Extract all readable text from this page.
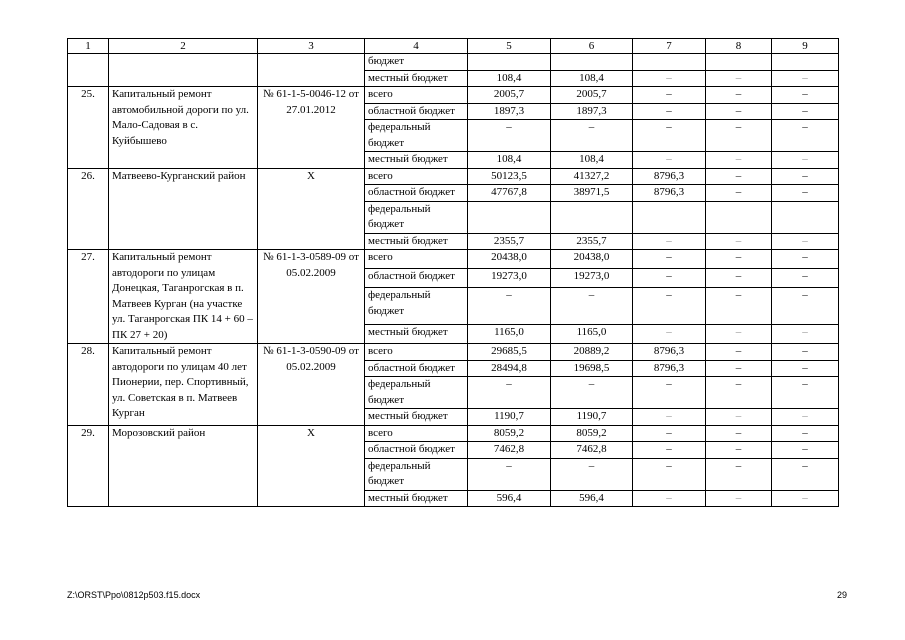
1	2	3	4	5	6	7	8	9
			бюджет					
			местный бюджет	108,4	108,4	–	–	–
25.	Капитальный ремонт автомобильной дороги по ул. Мало-Садовая в с. Куйбышево	№ 61-1-5-0046-12 от 27.01.2012	всего	2005,7	2005,7	–	–	–
			областной бюджет	1897,3	1897,3	–	–	–
			федеральный бюджет	–	–	–	–	–
			местный бюджет	108,4	108,4	–	–	–
26.	Матвеево-Курганский район	X	всего	50123,5	41327,2	8796,3	–	–
			областной бюджет	47767,8	38971,5	8796,3	–	–
			федеральный бюджет					
			местный бюджет	2355,7	2355,7	–	–	–
27.	Капитальный ремонт автодороги по улицам Донецкая, Таганрогская в п. Матвеев Курган (на участке ул. Таганрогская ПК 14 + 60 – ПК 27 + 20)	№ 61-1-3-0589-09 от 05.02.2009	всего	20438,0	20438,0	–	–	–
			областной бюджет	19273,0	19273,0	–	–	–
			федеральный бюджет	–	–	–	–	–
			местный бюджет	1165,0	1165,0	–	–	–
28.	Капитальный ремонт автодороги по улицам 40 лет Пионерии, пер. Спортивный, ул. Советская в п. Матвеев Курган	№ 61-1-3-0590-09 от 05.02.2009	всего	29685,5	20889,2	8796,3	–	–
			областной бюджет	28494,8	19698,5	8796,3	–	–
			федеральный бюджет	–	–	–	–	–
			местный бюджет	1190,7	1190,7	–	–	–
29.	Морозовский район	X	всего	8059,2	8059,2	–	–	–
			областной бюджет	7462,8	7462,8	–	–	–
			федеральный бюджет	–	–	–	–	–
			местный бюджет	596,4	596,4	–	–	–
Z:\ORST\Ppo\0812p503.f15.docx	29
